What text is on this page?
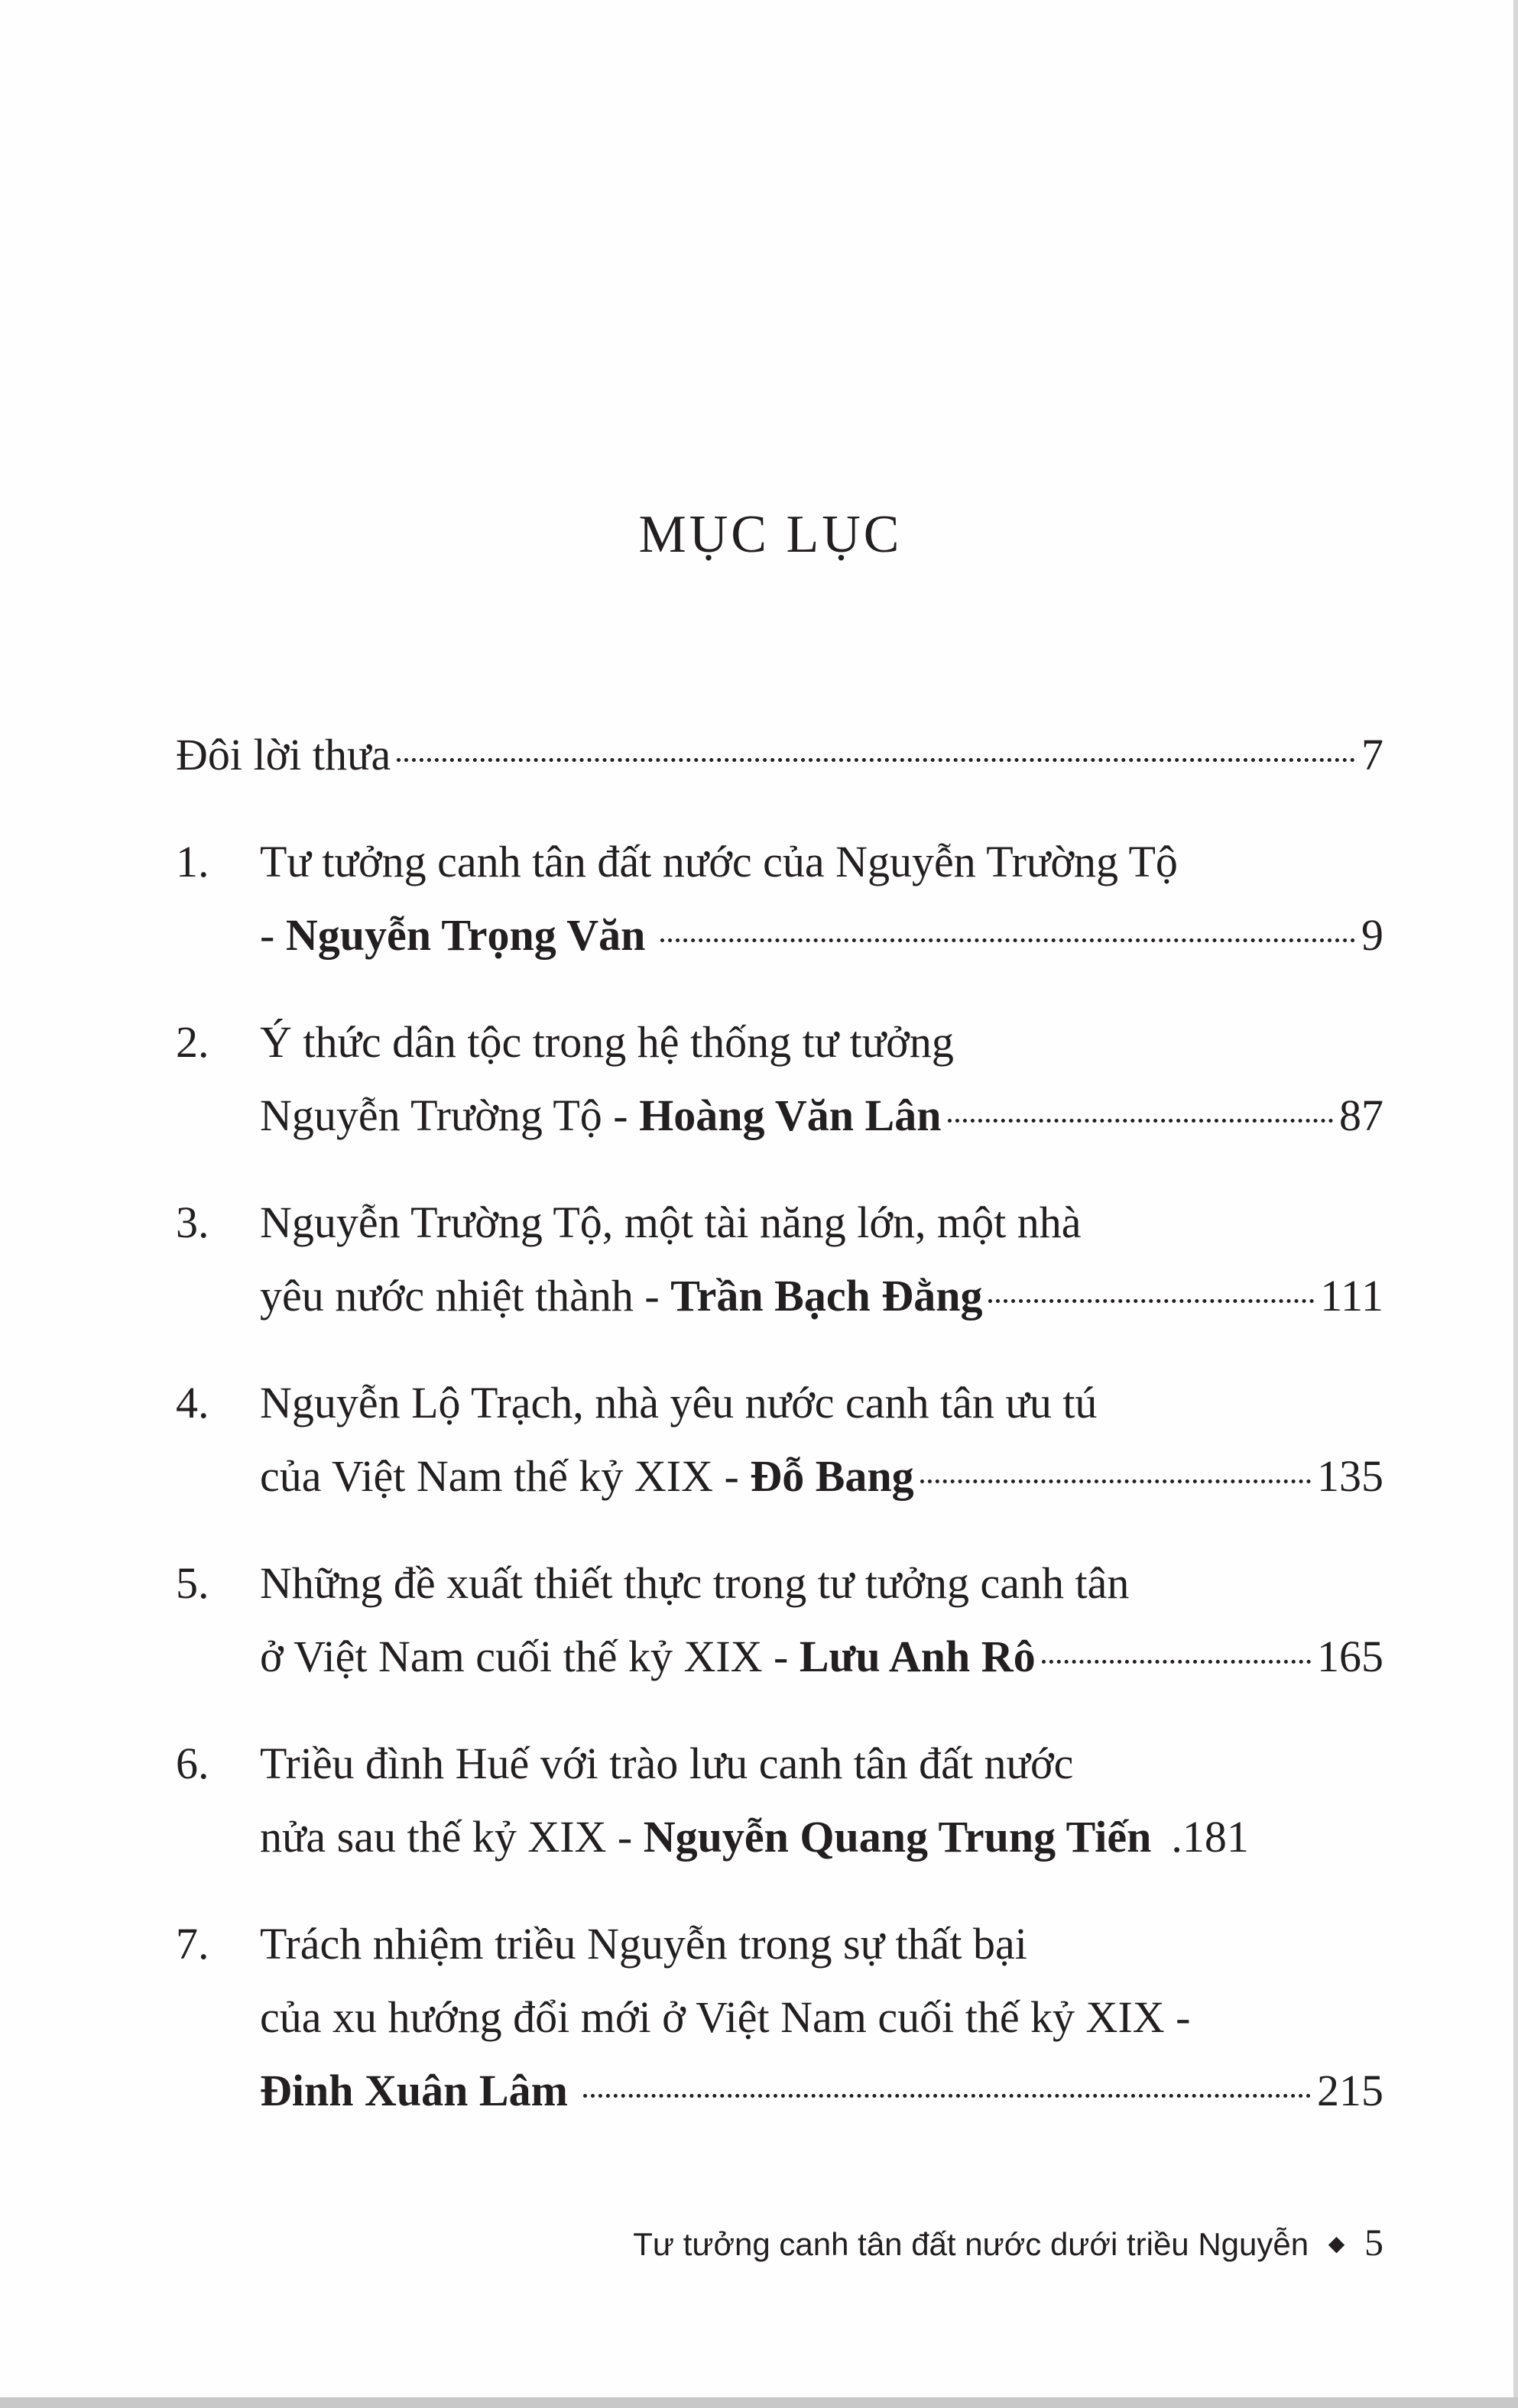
MỤC LỤC
Đôi lời thưa	7
1.	Tư tưởng canh tân đất nước của Nguyễn Trường Tộ
- Nguyễn Trọng Văn	9
2.	Ý thức dân tộc trong hệ thống tư tưởng
Nguyễn Trường Tộ - Hoàng Văn Lân	87
3.	Nguyễn Trường Tộ, một tài năng lớn, một nhà
yêu nước nhiệt thành - Trần Bạch Đằng	111
4.	Nguyễn Lộ Trạch, nhà yêu nước canh tân ưu tú
của Việt Nam thế kỷ XIX - Đỗ Bang	135
5.	Những đề xuất thiết thực trong tư tưởng canh tân
ở Việt Nam cuối thế kỷ XIX - Lưu Anh Rô	165
6.	Triều đình Huế với trào lưu canh tân đất nước
nửa sau thế kỷ XIX - Nguyễn Quang Trung Tiến .181
7.	Trách nhiệm triều Nguyễn trong sự thất bại
của xu hướng đổi mới ở Việt Nam cuối thế kỷ XIX -
Đinh Xuân Lâm	215
Tư tưởng canh tân đất nước dưới triều Nguyễn ◆ 5
